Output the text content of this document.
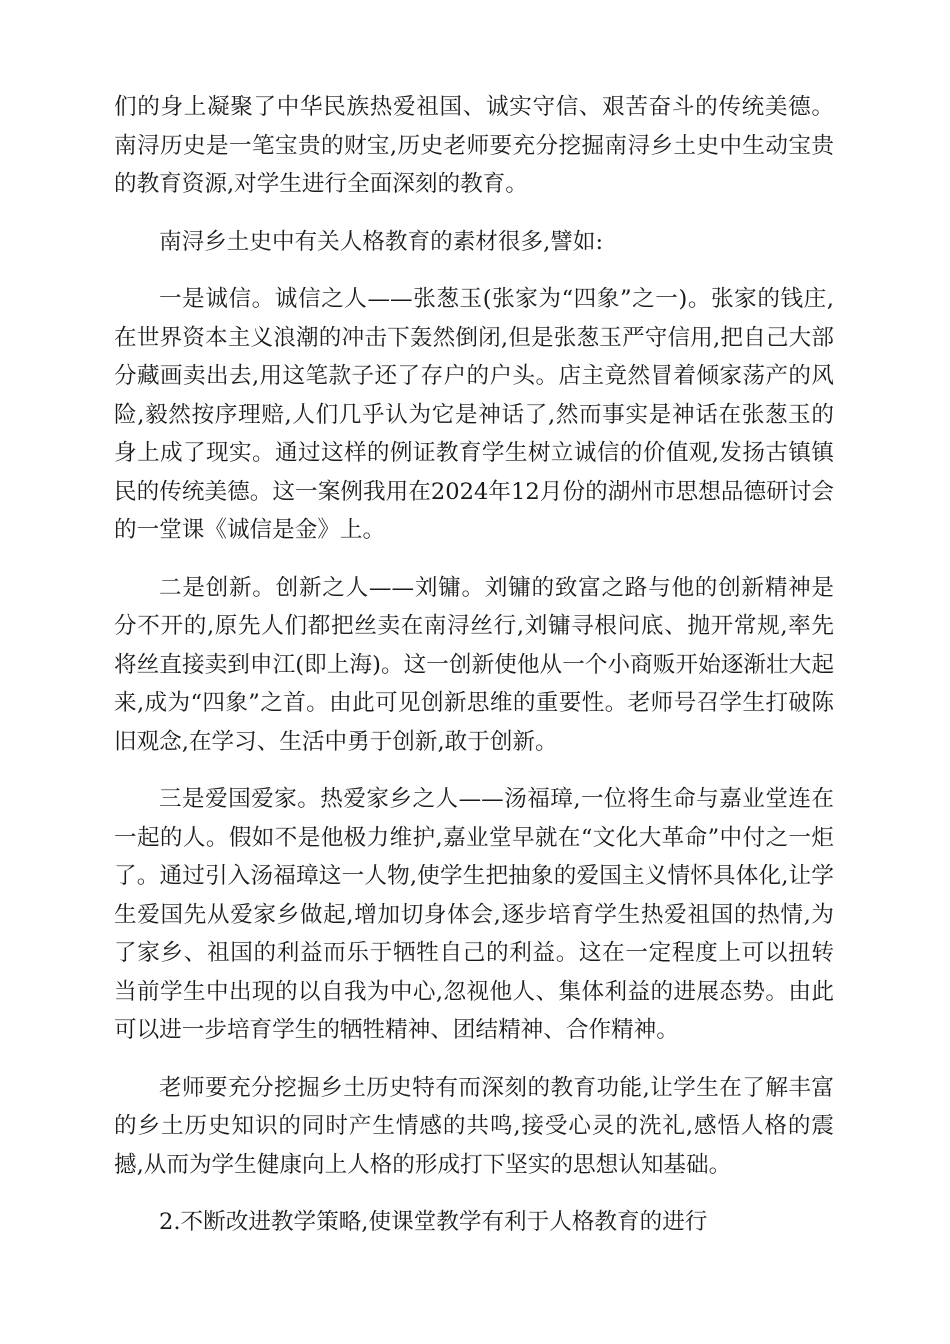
们的身上凝聚了中华民族热爱祖国、诚实守信、艰苦奋斗的传统美德。南浔历史是一笔宝贵的财宝,历史老师要充分挖掘南浔乡土史中生动宝贵的教育资源,对学生进行全面深刻的教育。

南浔乡土史中有关人格教育的素材很多,譬如:

一是诚信。诚信之人——张葱玉(张家为“四象”之一)。张家的钱庄,在世界资本主义浪潮的冲击下轰然倒闭,但是张葱玉严守信用,把自己大部分藏画卖出去,用这笔款子还了存户的户头。店主竟然冒着倾家荡产的风险,毅然按序理赔,人们几乎认为它是神话了,然而事实是神话在张葱玉的身上成了现实。通过这样的例证教育学生树立诚信的价值观,发扬古镇镇民的传统美德。这一案例我用在2024年12月份的湖州市思想品德研讨会的一堂课《诚信是金》上。

二是创新。创新之人——刘镛。刘镛的致富之路与他的创新精神是分不开的,原先人们都把丝卖在南浔丝行,刘镛寻根问底、抛开常规,率先将丝直接卖到申江(即上海)。这一创新使他从一个小商贩开始逐渐壮大起来,成为“四象”之首。由此可见创新思维的重要性。老师号召学生打破陈旧观念,在学习、生活中勇于创新,敢于创新。

三是爱国爱家。热爱家乡之人——汤福璋,一位将生命与嘉业堂连在一起的人。假如不是他极力维护,嘉业堂早就在“文化大革命”中付之一炬了。通过引入汤福璋这一人物,使学生把抽象的爱国主义情怀具体化,让学生爱国先从爱家乡做起,增加切身体会,逐步培育学生热爱祖国的热情,为了家乡、祖国的利益而乐于牺牲自己的利益。这在一定程度上可以扭转当前学生中出现的以自我为中心,忽视他人、集体利益的进展态势。由此可以进一步培育学生的牺牲精神、团结精神、合作精神。

老师要充分挖掘乡土历史特有而深刻的教育功能,让学生在了解丰富的乡土历史知识的同时产生情感的共鸣,接受心灵的洗礼,感悟人格的震撼,从而为学生健康向上人格的形成打下坚实的思想认知基础。

2.不断改进教学策略,使课堂教学有利于人格教育的进行
